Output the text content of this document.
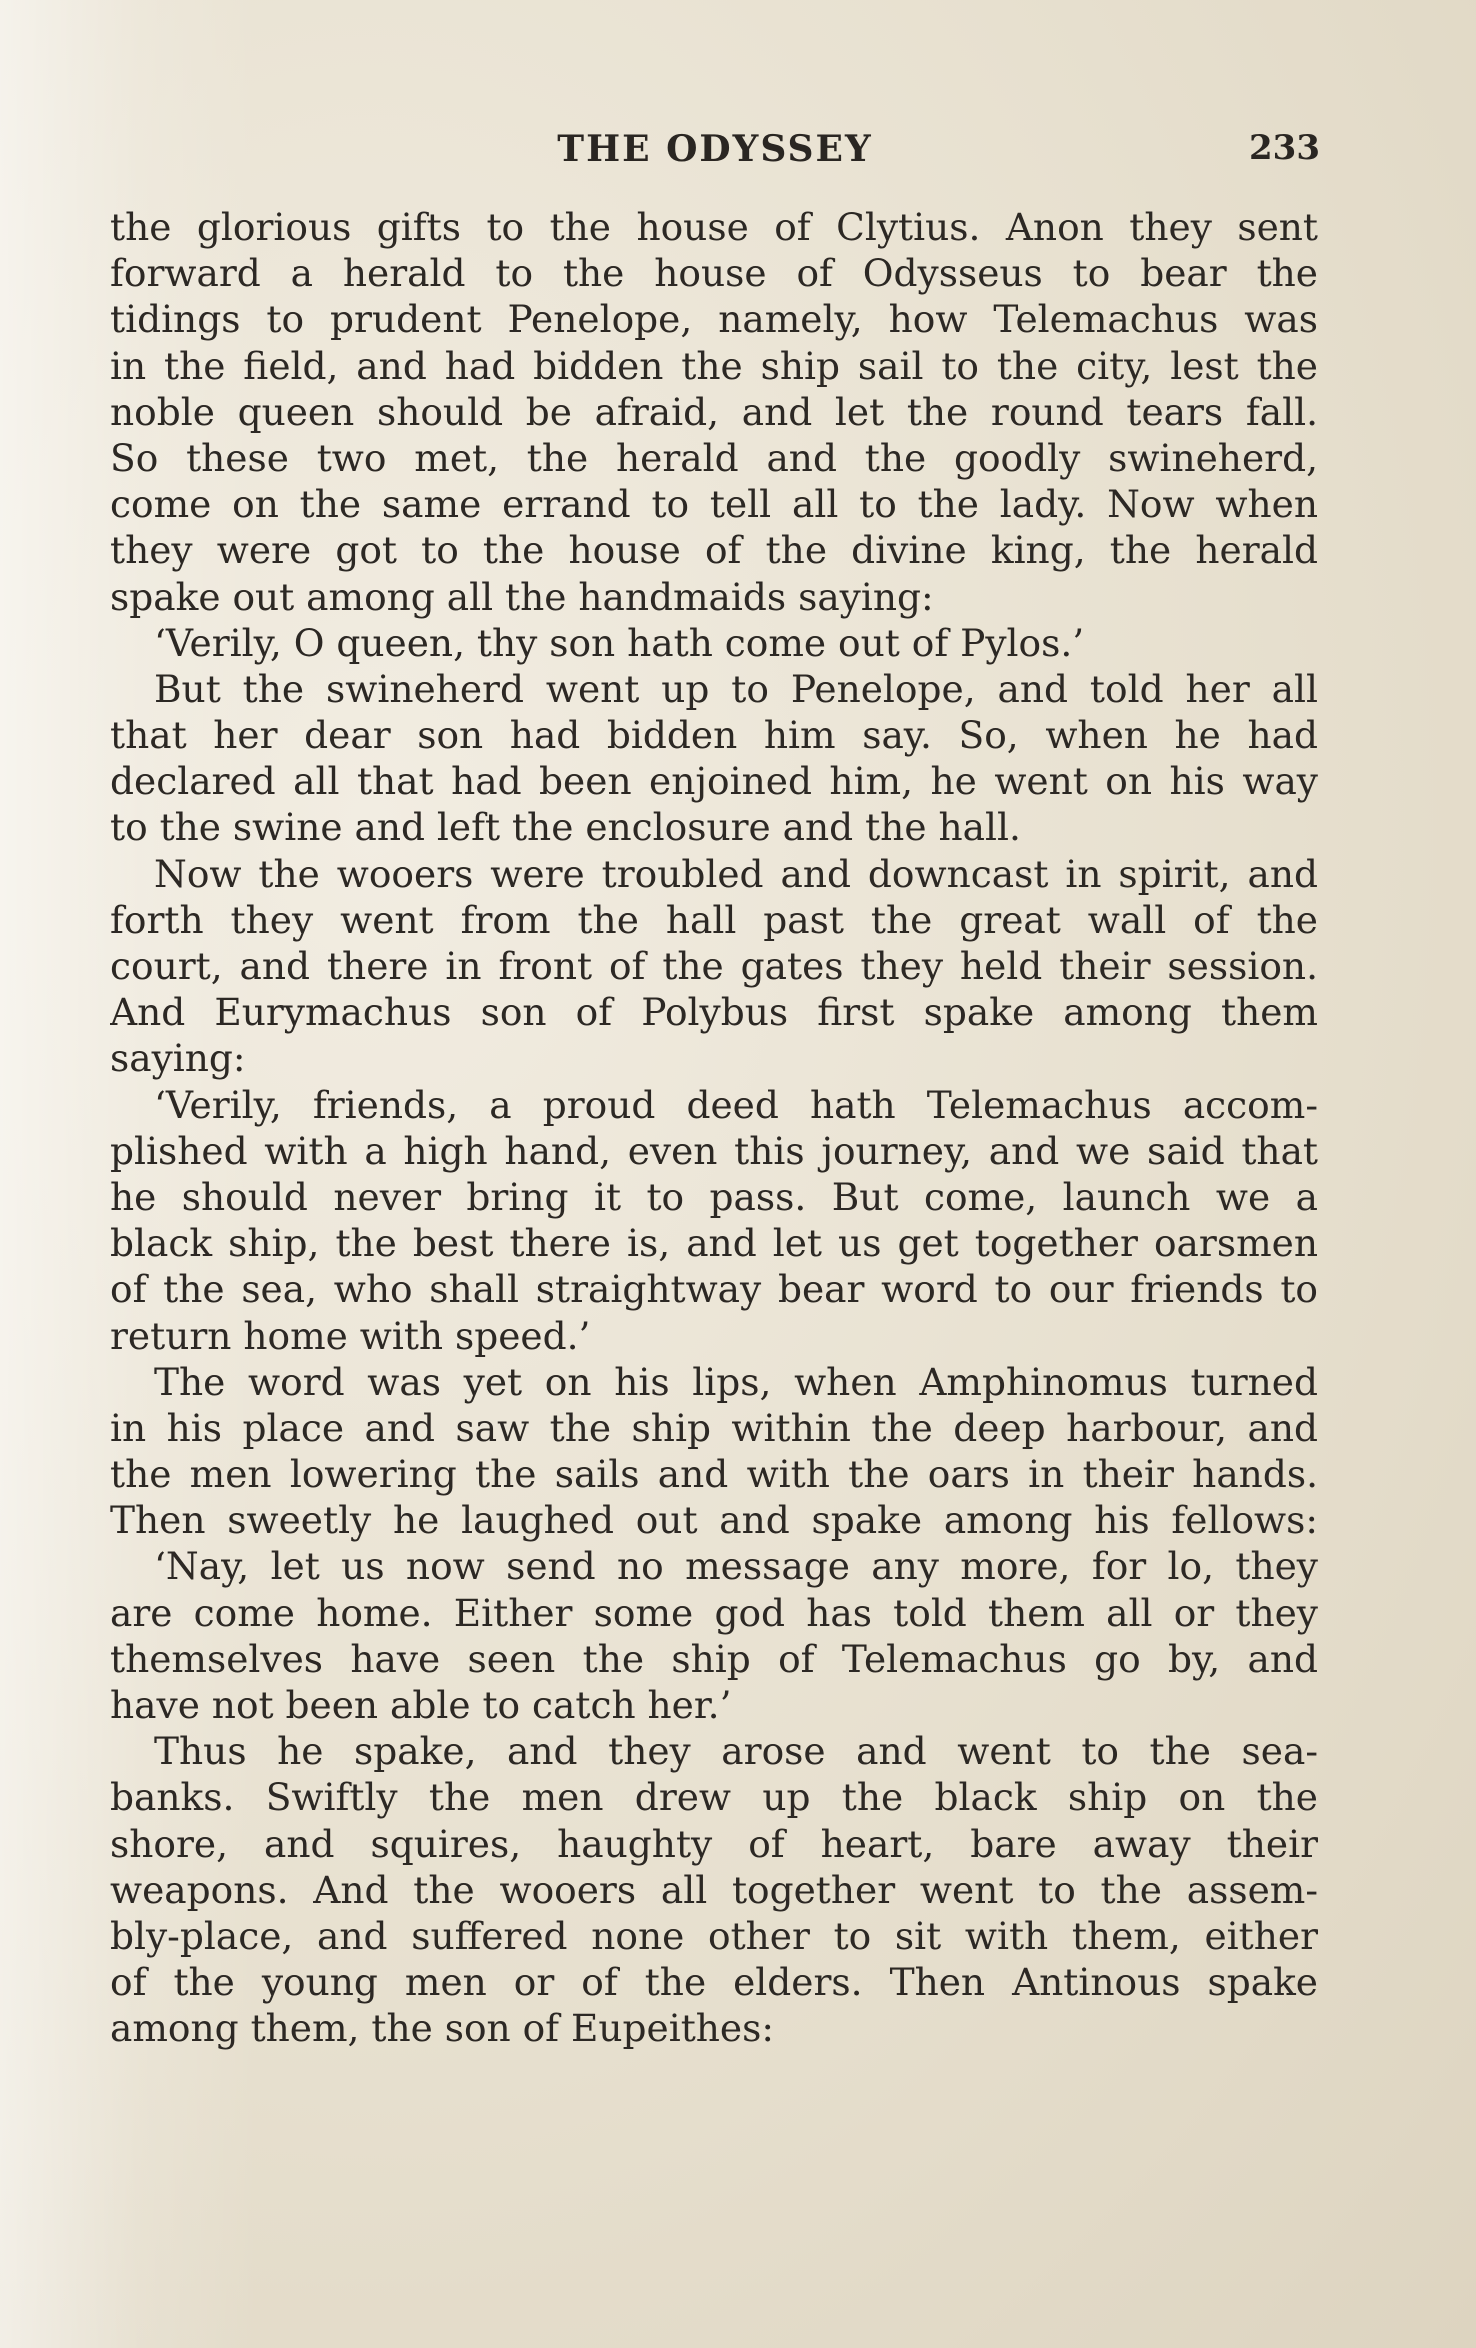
THE ODYSSEY	233
the glorious gifts to the house of Clytius. Anon they sent
forward a herald to the house of Odysseus to bear the
tidings to prudent Penelope, namely, how Telemachus was
in the field, and had bidden the ship sail to the city, lest the
noble queen should be afraid, and let the round tears fall.
So these two met, the herald and the goodly swineherd,
come on the same errand to tell all to the lady. Now when
they were got to the house of the divine king, the herald
spake out among all the handmaids saying:
‘Verily, O queen, thy son hath come out of Pylos.’
But the swineherd went up to Penelope, and told her all
that her dear son had bidden him say. So, when he had
declared all that had been enjoined him, he went on his way
to the swine and left the enclosure and the hall.
Now the wooers were troubled and downcast in spirit, and
forth they went from the hall past the great wall of the
court, and there in front of the gates they held their session.
And Eurymachus son of Polybus first spake among them
saying:
‘Verily, friends, a proud deed hath Telemachus accom-
plished with a high hand, even this journey, and we said that
he should never bring it to pass. But come, launch we a
black ship, the best there is, and let us get together oarsmen
of the sea, who shall straightway bear word to our friends to
return home with speed.’
The word was yet on his lips, when Amphinomus turned
in his place and saw the ship within the deep harbour, and
the men lowering the sails and with the oars in their hands.
Then sweetly he laughed out and spake among his fellows:
‘Nay, let us now send no message any more, for lo, they
are come home. Either some god has told them all or they
themselves have seen the ship of Telemachus go by, and
have not been able to catch her.’
Thus he spake, and they arose and went to the sea-
banks. Swiftly the men drew up the black ship on the
shore, and squires, haughty of heart, bare away their
weapons. And the wooers all together went to the assem-
bly-place, and suffered none other to sit with them, either
of the young men or of the elders. Then Antinous spake
among them, the son of Eupeithes:
